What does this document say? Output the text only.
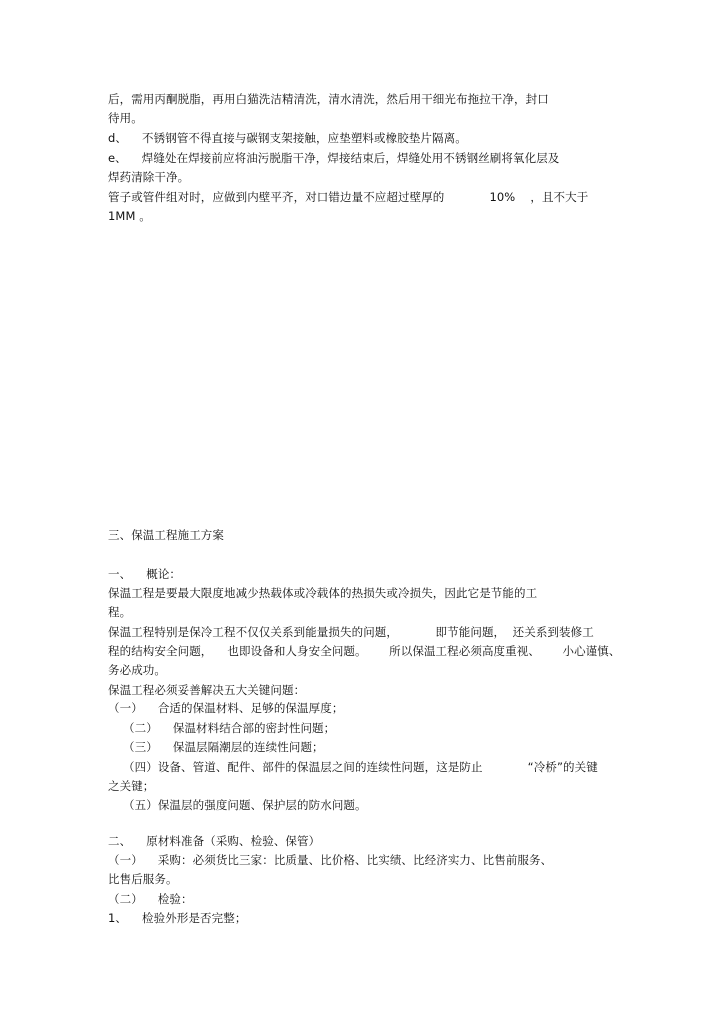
后，需用丙酮脱脂，再用白猫洗洁精清洗，清水清洗，然后用干细光布拖拉干净，封口
待用。
d、    不锈钢管不得直接与碳钢支架接触，应垫塑料或橡胶垫片隔离。
e、    焊缝处在焊接前应将油污脱脂干净，焊接结束后，焊缝处用不锈钢丝刷将氧化层及
焊药清除干净。
管子或管件组对时，应做到内壁平齐，对口错边量不应超过壁厚的            10%    ，且不大于
1MM 。
三、保温工程施工方案
一、    概论：
保温工程是要最大限度地减少热载体或冷载体的热损失或冷损失，因此它是节能的工
程。
保温工程特别是保冷工程不仅仅关系到能量损失的问题，          即节能问题，  还关系到装修工
程的结构安全问题，    也即设备和人身安全问题。      所以保温工程必须高度重视、      小心谨慎、
务必成功。
保温工程必须妥善解决五大关键问题：
（一）    合适的保温材料、足够的保温厚度；
（二）    保温材料结合部的密封性问题；
（三）    保温层隔潮层的连续性问题；
（四）设备、管道、配件、部件的保温层之间的连续性问题，这是防止            “冷桥”的关键
之关键；
（五）保温层的强度问题、保护层的防水问题。
二、    原材料准备（采购、检验、保管）
（一）    采购：必须货比三家：比质量、比价格、比实绩、比经济实力、比售前服务、
比售后服务。
（二）    检验：
1、    检验外形是否完整；
